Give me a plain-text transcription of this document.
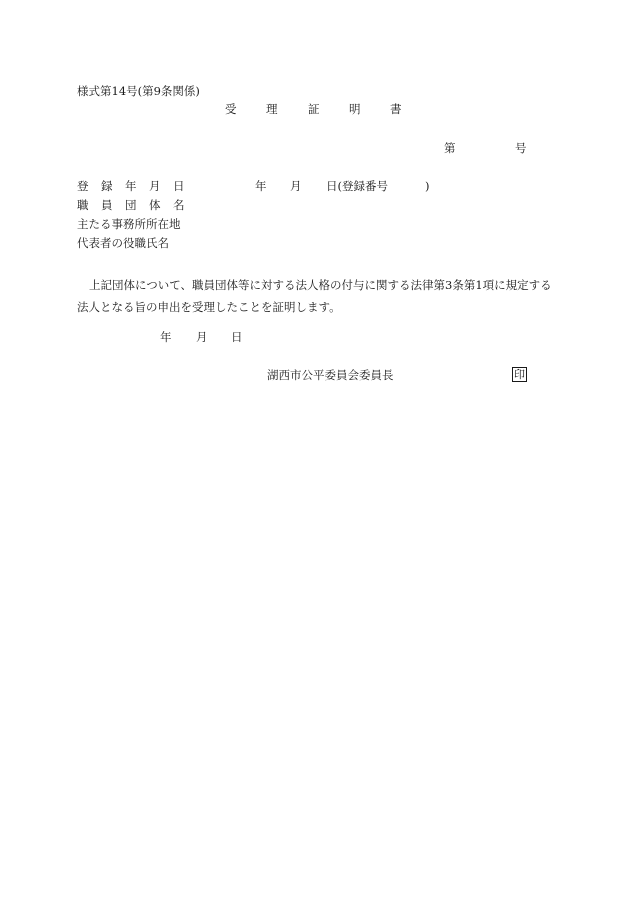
様式第14号(第9条関係)
受	理	証	明	書
第	号
登 録 年 月 日	年 月 日(登録番号	)
職 員 団 体 名
主たる事務所所在地
代表者の役職氏名
上記団体について、職員団体等に対する法人格の付与に関する法律第3条第1項に規定する法人となる旨の申出を受理したことを証明します。
年 月 日
湖西市公平委員会委員長	印
